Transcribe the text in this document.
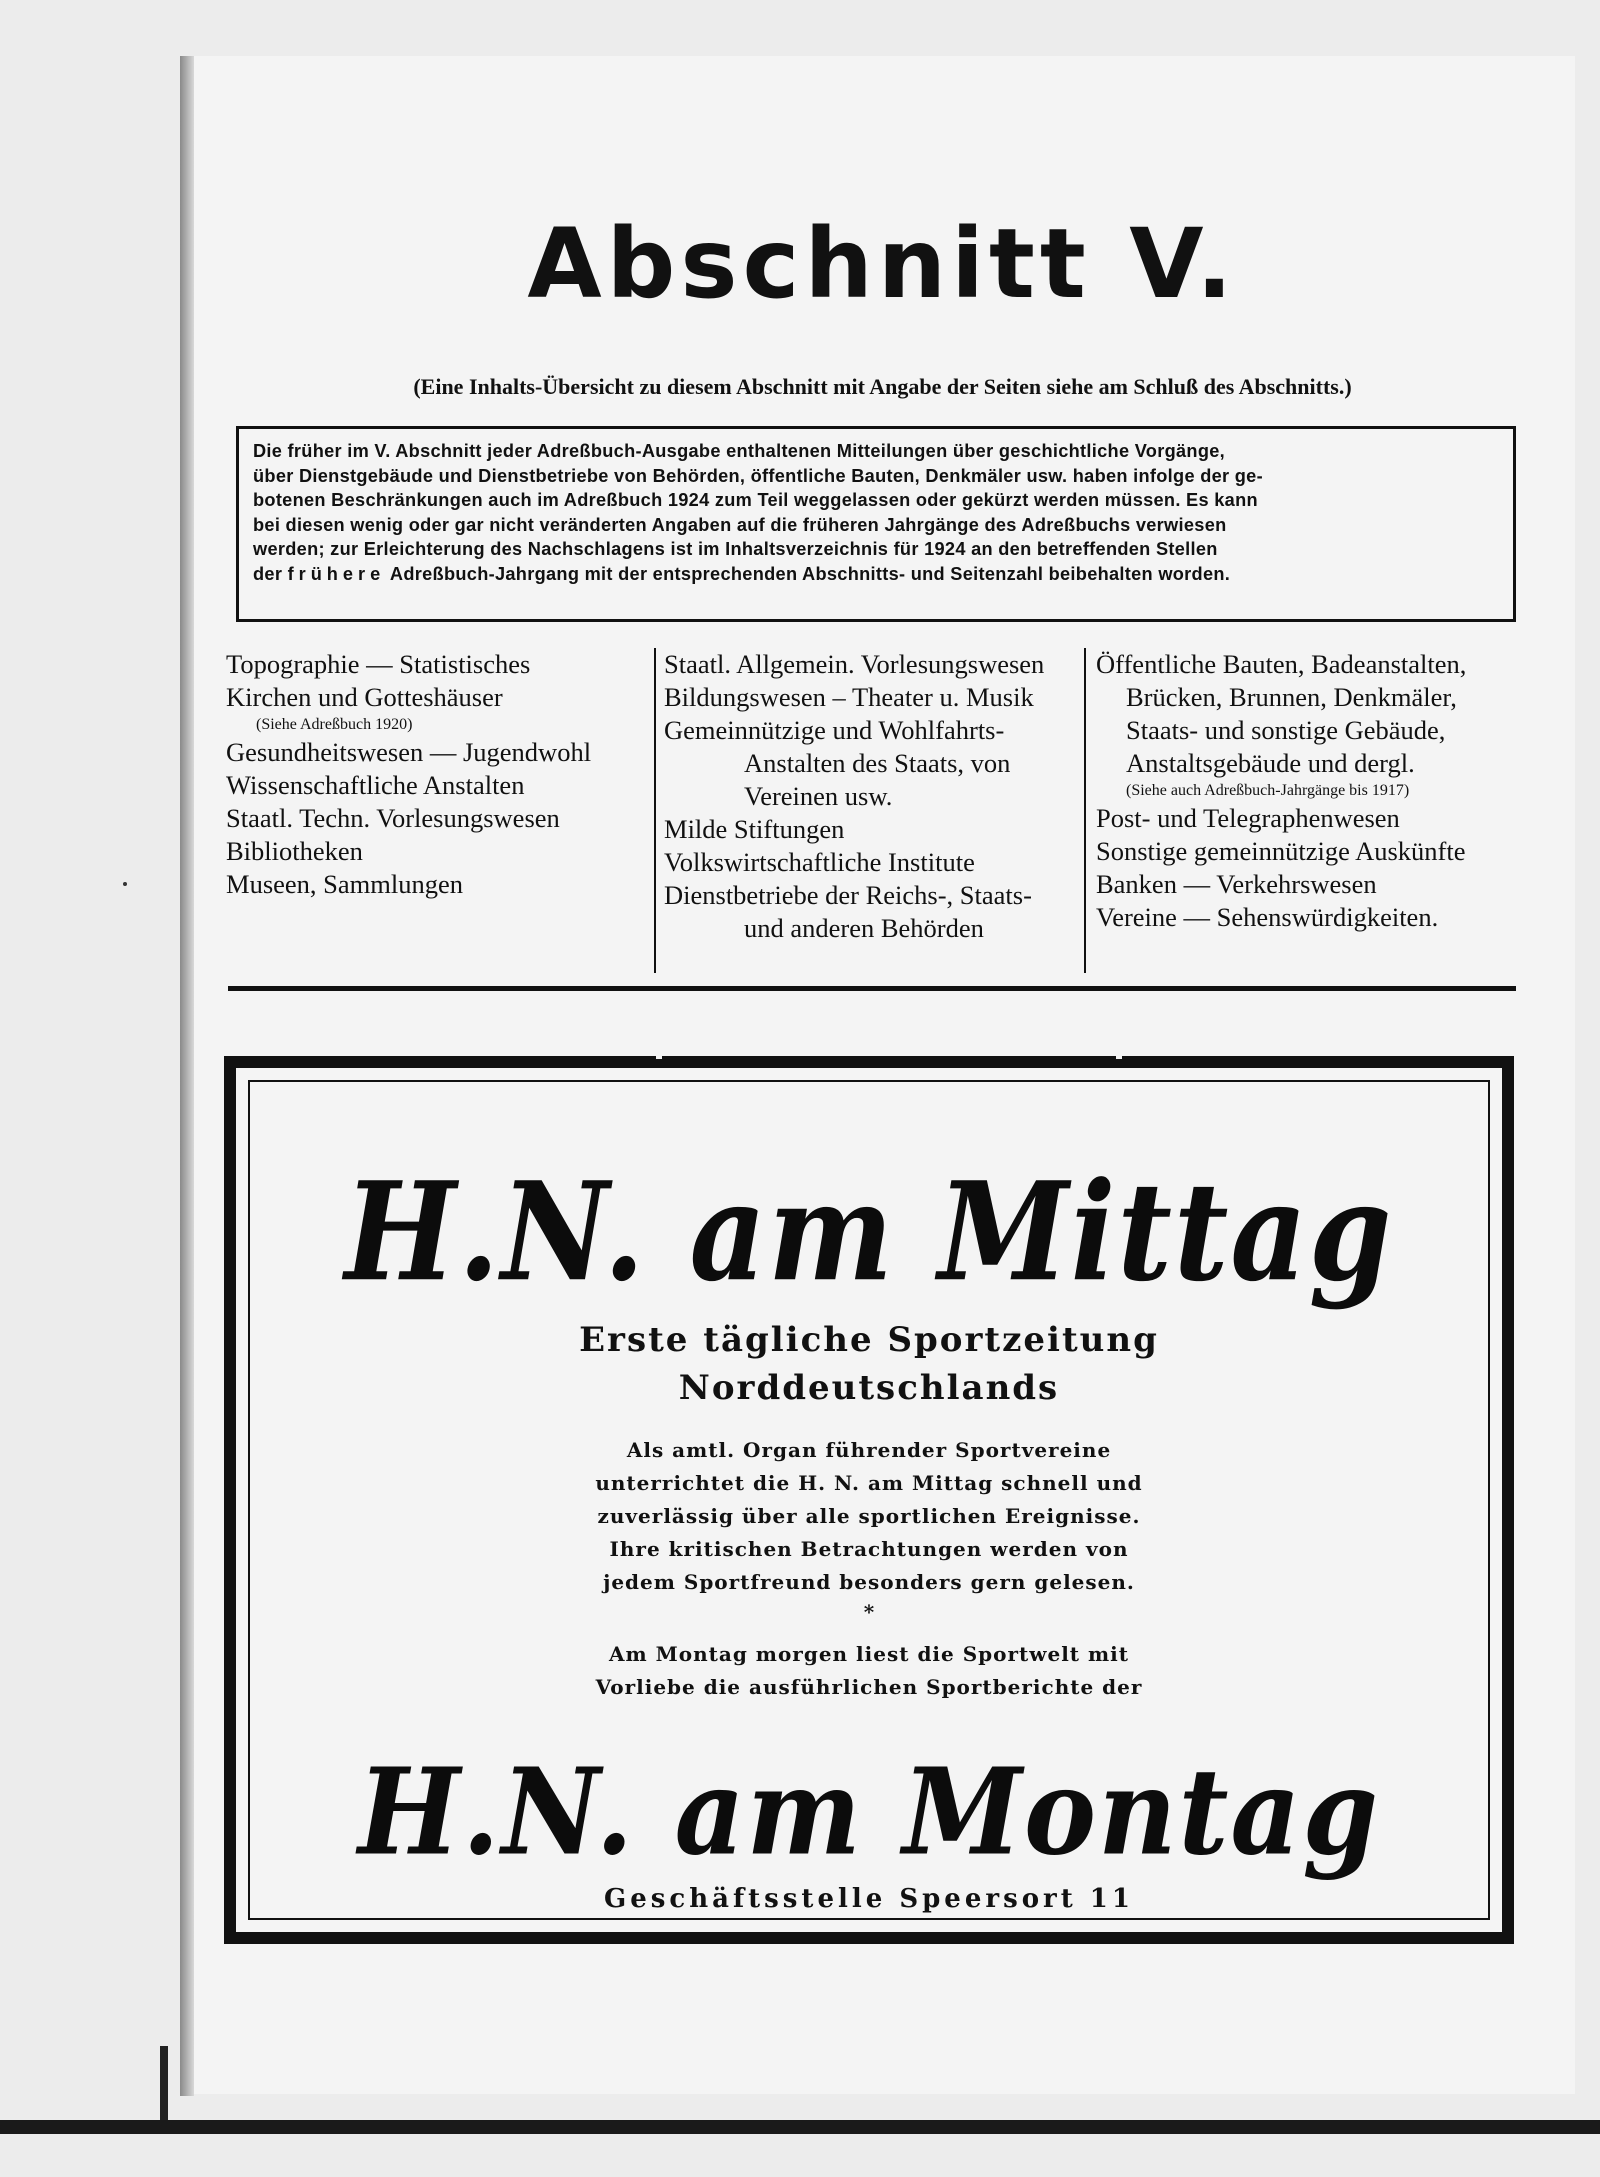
Abschnitt V.
(Eine Inhalts-Übersicht zu diesem Abschnitt mit Angabe der Seiten siehe am Schluß des Abschnitts.)
Die früher im V. Abschnitt jeder Adreßbuch-Ausgabe enthaltenen Mitteilungen über geschichtliche Vorgänge,
über Dienstgebäude und Dienstbetriebe von Behörden, öffentliche Bauten, Denkmäler usw. haben infolge der ge-
botenen Beschränkungen auch im Adreßbuch 1924 zum Teil weggelassen oder gekürzt werden müssen. Es kann
bei diesen wenig oder gar nicht veränderten Angaben auf die früheren Jahrgänge des Adreßbuchs verwiesen
werden; zur Erleichterung des Nachschlagens ist im Inhaltsverzeichnis für 1924 an den betreffenden Stellen
der frühere Adreßbuch-Jahrgang mit der entsprechenden Abschnitts- und Seitenzahl beibehalten worden.
Topographie — Statistisches
Kirchen und Gotteshäuser
(Siehe Adreßbuch 1920)
Gesundheitswesen — Jugendwohl
Wissenschaftliche Anstalten
Staatl. Techn. Vorlesungswesen
Bibliotheken
Museen, Sammlungen
Staatl. Allgemein. Vorlesungswesen
Bildungswesen – Theater u. Musik
Gemeinnützige und Wohlfahrts-
Anstalten des Staats, von
Vereinen usw.
Milde Stiftungen
Volkswirtschaftliche Institute
Dienstbetriebe der Reichs-, Staats-
und anderen Behörden
Öffentliche Bauten, Badeanstalten,
Brücken, Brunnen, Denkmäler,
Staats- und sonstige Gebäude,
Anstaltsgebäude und dergl.
(Siehe auch Adreßbuch-Jahrgänge bis 1917)
Post- und Telegraphenwesen
Sonstige gemeinnützige Auskünfte
Banken — Verkehrswesen
Vereine — Sehenswürdigkeiten.
H.N. am Mittag
Erste tägliche Sportzeitung
Norddeutschlands
Als amtl. Organ führender Sportvereine
unterrichtet die H. N. am Mittag schnell und
zuverlässig über alle sportlichen Ereignisse.
Ihre kritischen Betrachtungen werden von
jedem Sportfreund besonders gern gelesen.
*
Am Montag morgen liest die Sportwelt mit
Vorliebe die ausführlichen Sportberichte der
H.N. am Montag
Geschäftsstelle Speersort 11
